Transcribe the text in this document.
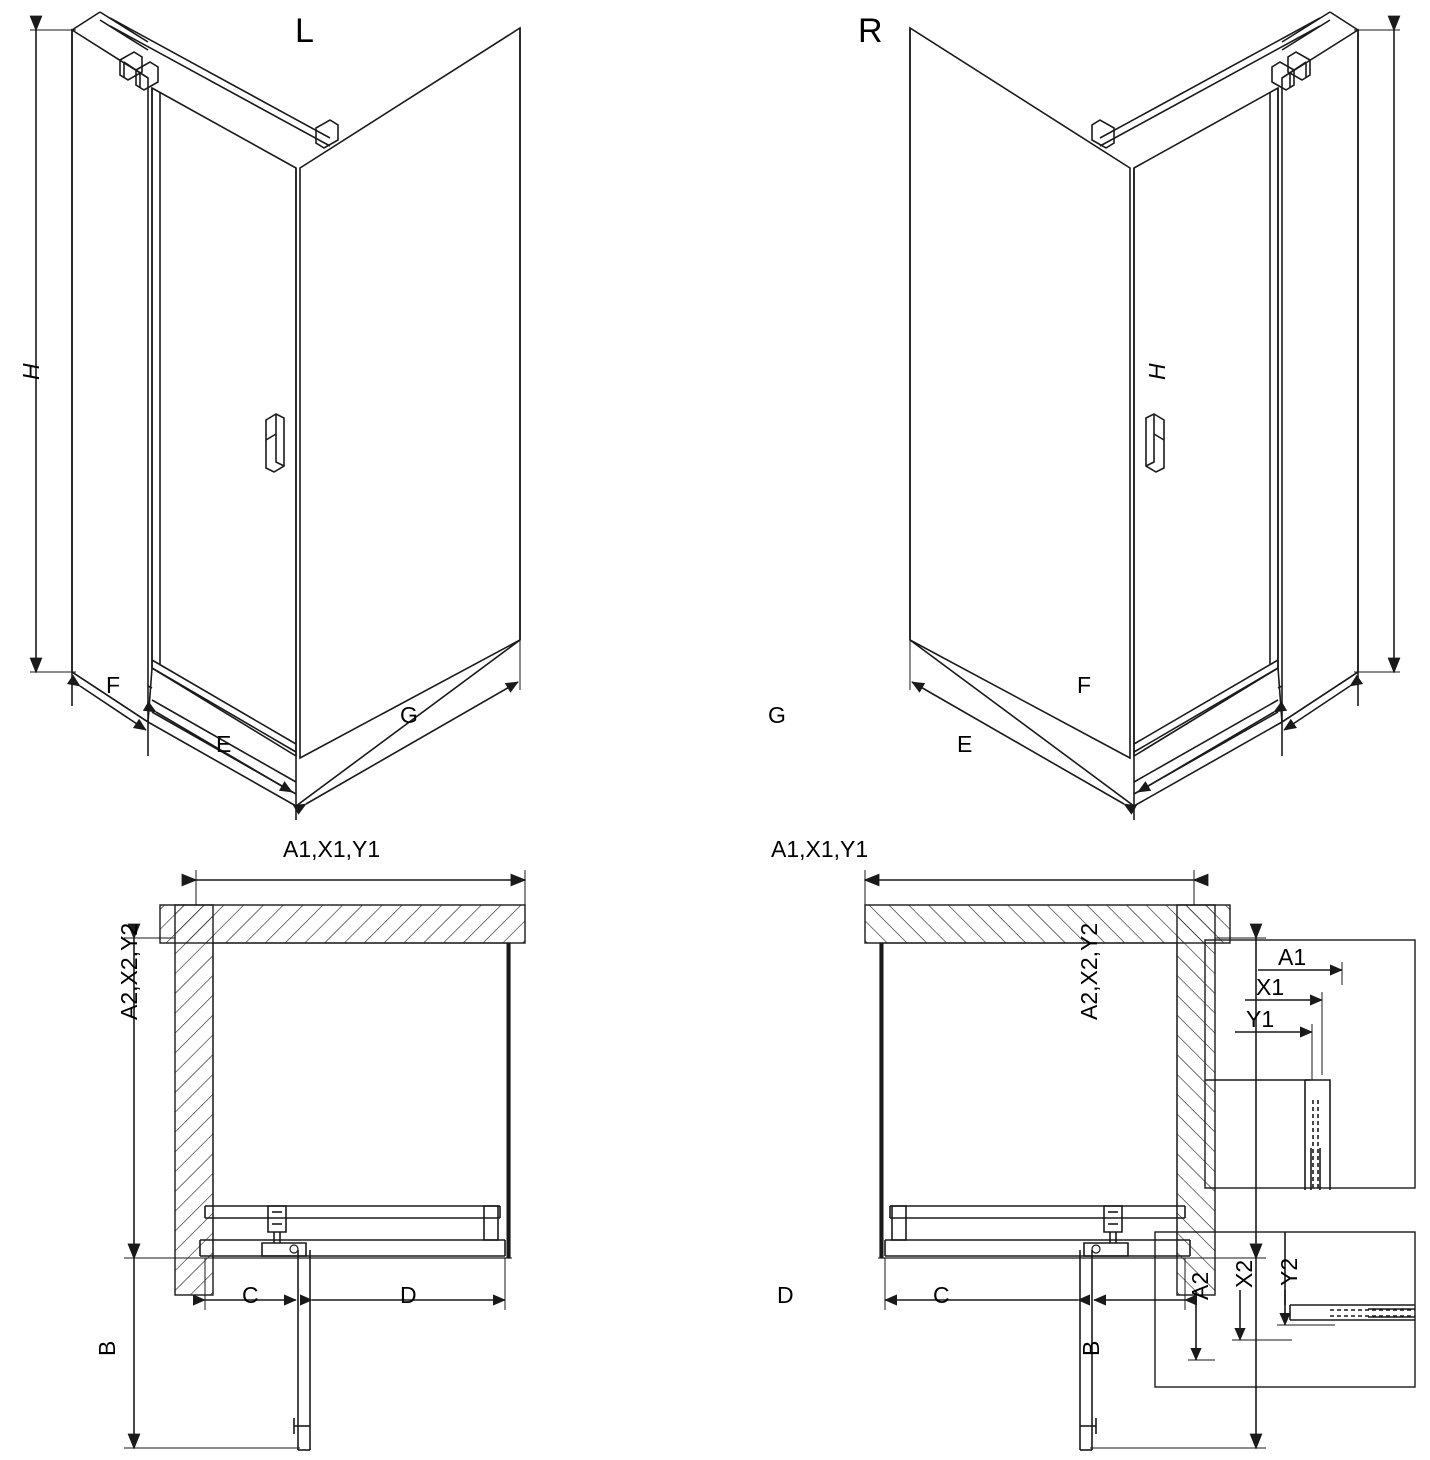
L	R
H	H
F
E
G	G
E
F
A1,X1,Y1	A1,X1,Y1
A2,X2,Y2	A2,X2,Y2
C	D
B
D	C
B
A1
X1
Y1
A2 X2 Y2
